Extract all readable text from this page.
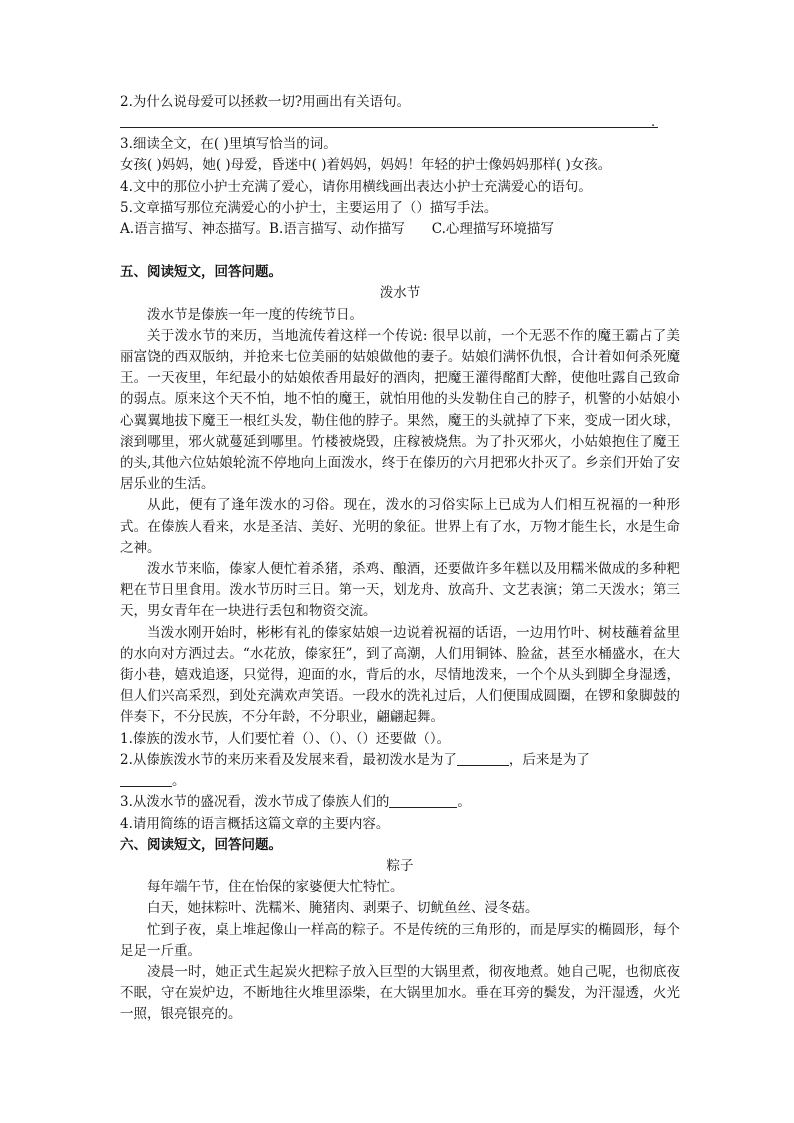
2.为什么说母爱可以拯救一切?用画出有关语句。
.
3.细读全文，在( )里填写恰当的词。
女孩( )妈妈，她( )母爱，昏迷中( )着妈妈，妈妈！年轻的护士像妈妈那样( )女孩。
4.文中的那位小护士充满了爱心，请你用横线画出表达小护士充满爱心的语句。
5.文章描写那位充满爱心的小护士，主要运用了（）描写手法。
A.语言描写、神态描写。B.语言描写、动作描写　　C.心理描写环境描写
五、阅读短文，回答问题。
泼水节
泼水节是傣族一年一度的传统节日。
关于泼水节的来历，当地流传着这样一个传说: 很早以前，一个无恶不作的魔王霸占了美丽富饶的西双版纳，并抢来七位美丽的姑娘做他的妻子。姑娘们满怀仇恨，合计着如何杀死魔王。一天夜里，年纪最小的姑娘侬香用最好的酒肉，把魔王灌得酩酊大醉，使他吐露自己致命的弱点。原来这个天不怕，地不怕的魔王，就怕用他的头发勒住自己的脖子，机警的小姑娘小心翼翼地拔下魔王一根红头发，勒住他的脖子。果然，魔王的头就掉了下来，变成一团火球，滚到哪里，邪火就蔓延到哪里。竹楼被烧毁，庄稼被烧焦。为了扑灭邪火，小姑娘抱住了魔王的头,其他六位姑娘轮流不停地向上面泼水，终于在傣历的六月把邪火扑灭了。乡亲们开始了安居乐业的生活。
从此，便有了逢年泼水的习俗。现在，泼水的习俗实际上已成为人们相互祝福的一种形式。在傣族人看来，水是圣洁、美好、光明的象征。世界上有了水，万物才能生长，水是生命之神。
泼水节来临，傣家人便忙着杀猪，杀鸡、酿酒，还要做许多年糕以及用糯米做成的多种粑粑在节日里食用。泼水节历时三日。第一天，划龙舟、放高升、文艺表演；第二天泼水；第三天，男女青年在一块进行丢包和物资交流。
当泼水刚开始时，彬彬有礼的傣家姑娘一边说着祝福的话语，一边用竹叶、树枝蘸着盆里的水向对方洒过去。“水花放，傣家狂”，到了高潮，人们用铜钵、脸盆，甚至水桶盛水，在大街小巷，嬉戏追逐，只觉得，迎面的水，背后的水，尽情地泼来，一个个从头到脚全身湿透，但人们兴高采烈，到处充满欢声笑语。一段水的洗礼过后，人们便围成圆圈，在锣和象脚鼓的伴奏下，不分民族，不分年龄，不分职业，翩翩起舞。
1.傣族的泼水节，人们要忙着（）、（）、（）还要做（）。
2.从傣族泼水节的来历来看及发展来看，最初泼水是为了	，后来是为了
。
3.从泼水节的盛况看，泼水节成了傣族人们的	。
4.请用简练的语言概括这篇文章的主要内容。
六、阅读短文，回答问题。
粽子
每年端午节，住在怡保的家婆便大忙特忙。
白天，她抹粽叶、洗糯米、腌猪肉、剥栗子、切鱿鱼丝、浸冬菇。
忙到子夜，桌上堆起像山一样高的粽子。不是传统的三角形的，而是厚实的椭圆形，每个足足一斤重。
凌晨一时，她正式生起炭火把粽子放入巨型的大锅里煮，彻夜地煮。她自己呢，也彻底夜不眠，守在炭炉边，不断地往火堆里添柴，在大锅里加水。垂在耳旁的鬓发，为汗湿透，火光一照，银亮银亮的。
